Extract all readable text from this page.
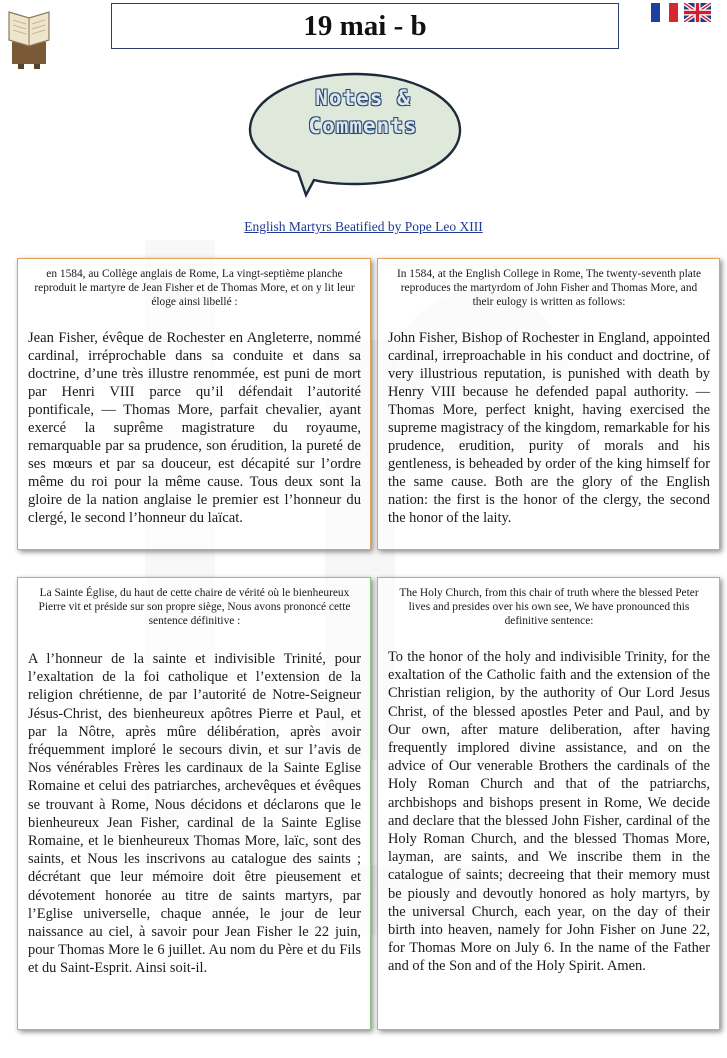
19 mai - b
Notes &
Comments
English Martyrs Beatified by Pope Leo XIII

en 1584, au Collège anglais de Rome, La vingt-septième planche reproduit le martyre de Jean Fisher et de Thomas More, et on y lit leur éloge ainsi libellé :

Jean Fisher, évêque de Rochester en Angleterre, nommé cardinal, irréprochable dans sa conduite et dans sa doctrine, d’une très illustre renommée, est puni de mort par Henri VIII parce qu’il défendait l’autorité pontificale, — Thomas More, parfait chevalier, ayant exercé la suprême magistrature du royaume, remarquable par sa prudence, son érudition, la pureté de ses mœurs et par sa douceur, est décapité sur l’ordre même du roi pour la même cause. Tous deux sont la gloire de la nation anglaise le premier est l’honneur du clergé, le second l’honneur du laïcat.

In 1584, at the English College in Rome, The twenty-seventh plate reproduces the martyrdom of John Fisher and Thomas More, and their eulogy is written as follows:

John Fisher, Bishop of Rochester in England, appointed cardinal, irreproachable in his conduct and doctrine, of very illustrious reputation, is punished with death by Henry VIII because he defended papal authority. — Thomas More, perfect knight, having exercised the supreme magistracy of the kingdom, remarkable for his prudence, erudition, purity of morals and his gentleness, is beheaded by order of the king himself for the same cause. Both are the glory of the English nation: the first is the honor of the clergy, the second the honor of the laity.

La Sainte Église, du haut de cette chaire de vérité où le bienheureux Pierre vit et préside sur son propre siège, Nous avons prononcé cette sentence définitive :

A l’honneur de la sainte et indivisible Trinité, pour l’exaltation de la foi catholique et l’extension de la religion chrétienne, de par l’autorité de Notre-Seigneur Jésus-Christ, des bienheureux apôtres Pierre et Paul, et par la Nôtre, après mûre délibération, après avoir fréquemment imploré le secours divin, et sur l’avis de Nos vénérables Frères les cardinaux de la Sainte Eglise Romaine et celui des patriarches, archevêques et évêques se trouvant à Rome, Nous décidons et déclarons que le bienheureux Jean Fisher, cardinal de la Sainte Eglise Romaine, et le bienheureux Thomas More, laïc, sont des saints, et Nous les inscrivons au catalogue des saints ; décrétant que leur mémoire doit être pieusement et dévotement honorée au titre de saints martyrs, par l’Eglise universelle, chaque année, le jour de leur naissance au ciel, à savoir pour Jean Fisher le 22 juin, pour Thomas More le 6 juillet. Au nom du Père et du Fils et du Saint-Esprit. Ainsi soit-il.

The Holy Church, from this chair of truth where the blessed Peter lives and presides over his own see, We have pronounced this definitive sentence:

To the honor of the holy and indivisible Trinity, for the exaltation of the Catholic faith and the extension of the Christian religion, by the authority of Our Lord Jesus Christ, of the blessed apostles Peter and Paul, and by Our own, after mature deliberation, after having frequently implored divine assistance, and on the advice of Our venerable Brothers the cardinals of the Holy Roman Church and that of the patriarchs, archbishops and bishops present in Rome, We decide and declare that the blessed John Fisher, cardinal of the Holy Roman Church, and the blessed Thomas More, layman, are saints, and We inscribe them in the catalogue of saints; decreeing that their memory must be piously and devoutly honored as holy martyrs, by the universal Church, each year, on the day of their birth into heaven, namely for John Fisher on June 22, for Thomas More on July 6. In the name of the Father and of the Son and of the Holy Spirit. Amen.
